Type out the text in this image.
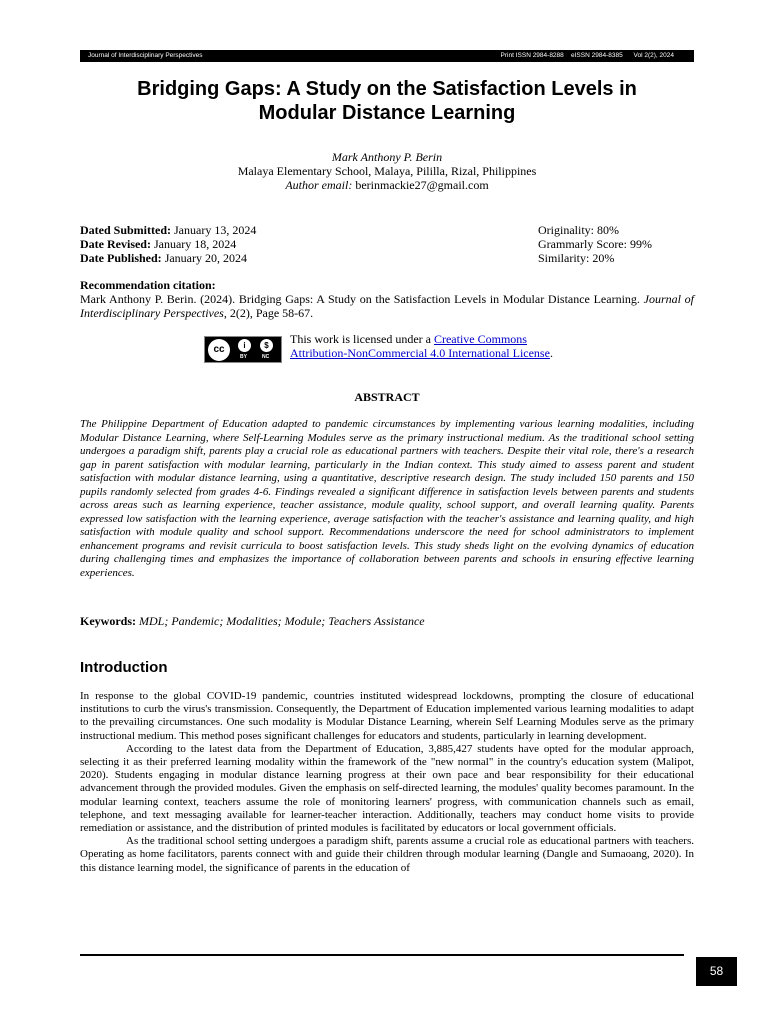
Journal of Interdisciplinary Perspectives	Print ISSN 2984-8288    eISSN 2984-8385      Vol 2(2), 2024
Bridging Gaps: A Study on the Satisfaction Levels in
Modular Distance Learning
Mark Anthony P. Berin
Malaya Elementary School, Malaya, Pililla, Rizal, Philippines
Author email: berinmackie27@gmail.com
Dated Submitted: January 13, 2024
Date Revised: January 18, 2024
Date Published: January 20, 2024
Originality: 80%
Grammarly Score: 99%
Similarity: 20%
Recommendation citation:
Mark Anthony P. Berin. (2024). Bridging Gaps: A Study on the Satisfaction Levels in Modular Distance Learning. Journal of Interdisciplinary Perspectives, 2(2), Page 58-67.
cc	i	$
BY	NC
This work is licensed under a Creative Commons
Attribution-NonCommercial 4.0 International License.
ABSTRACT
The Philippine Department of Education adapted to pandemic circumstances by implementing various learning modalities, including Modular Distance Learning, where Self-Learning Modules serve as the primary instructional medium. As the traditional school setting undergoes a paradigm shift, parents play a crucial role as educational partners with teachers. Despite their vital role, there's a research gap in parent satisfaction with modular learning, particularly in the Indian context. This study aimed to assess parent and student satisfaction with modular distance learning, using a quantitative, descriptive research design. The study included 150 parents and 150 pupils randomly selected from grades 4-6. Findings revealed a significant difference in satisfaction levels between parents and students across areas such as learning experience, teacher assistance, module quality, school support, and overall learning quality. Parents expressed low satisfaction with the learning experience, average satisfaction with the teacher's assistance and learning quality, and high satisfaction with module quality and school support. Recommendations underscore the need for school administrators to implement enhancement programs and revisit curricula to boost satisfaction levels. This study sheds light on the evolving dynamics of education during challenging times and emphasizes the importance of collaboration between parents and schools in ensuring effective learning experiences.
Keywords: MDL; Pandemic; Modalities; Module; Teachers Assistance
Introduction

In response to the global COVID-19 pandemic, countries instituted widespread lockdowns, prompting the closure of educational institutions to curb the virus's transmission. Consequently, the Department of Education implemented various learning modalities to adapt to the prevailing circumstances. One such modality is Modular Distance Learning, wherein Self Learning Modules serve as the primary instructional medium. This method poses significant challenges for educators and students, particularly in learning development.

According to the latest data from the Department of Education, 3,885,427 students have opted for the modular approach, selecting it as their preferred learning modality within the framework of the "new normal" in the country's education system (Malipot, 2020). Students engaging in modular distance learning progress at their own pace and bear responsibility for their educational advancement through the provided modules. Given the emphasis on self-directed learning, the modules' quality becomes paramount. In the modular learning context, teachers assume the role of monitoring learners' progress, with communication channels such as email, telephone, and text messaging available for learner-teacher interaction. Additionally, teachers may conduct home visits to provide remediation or assistance, and the distribution of printed modules is facilitated by educators or local government officials.

As the traditional school setting undergoes a paradigm shift, parents assume a crucial role as educational partners with teachers. Operating as home facilitators, parents connect with and guide their children through modular learning (Dangle and Sumaoang, 2020). In this distance learning model, the significance of parents in the education of

58
